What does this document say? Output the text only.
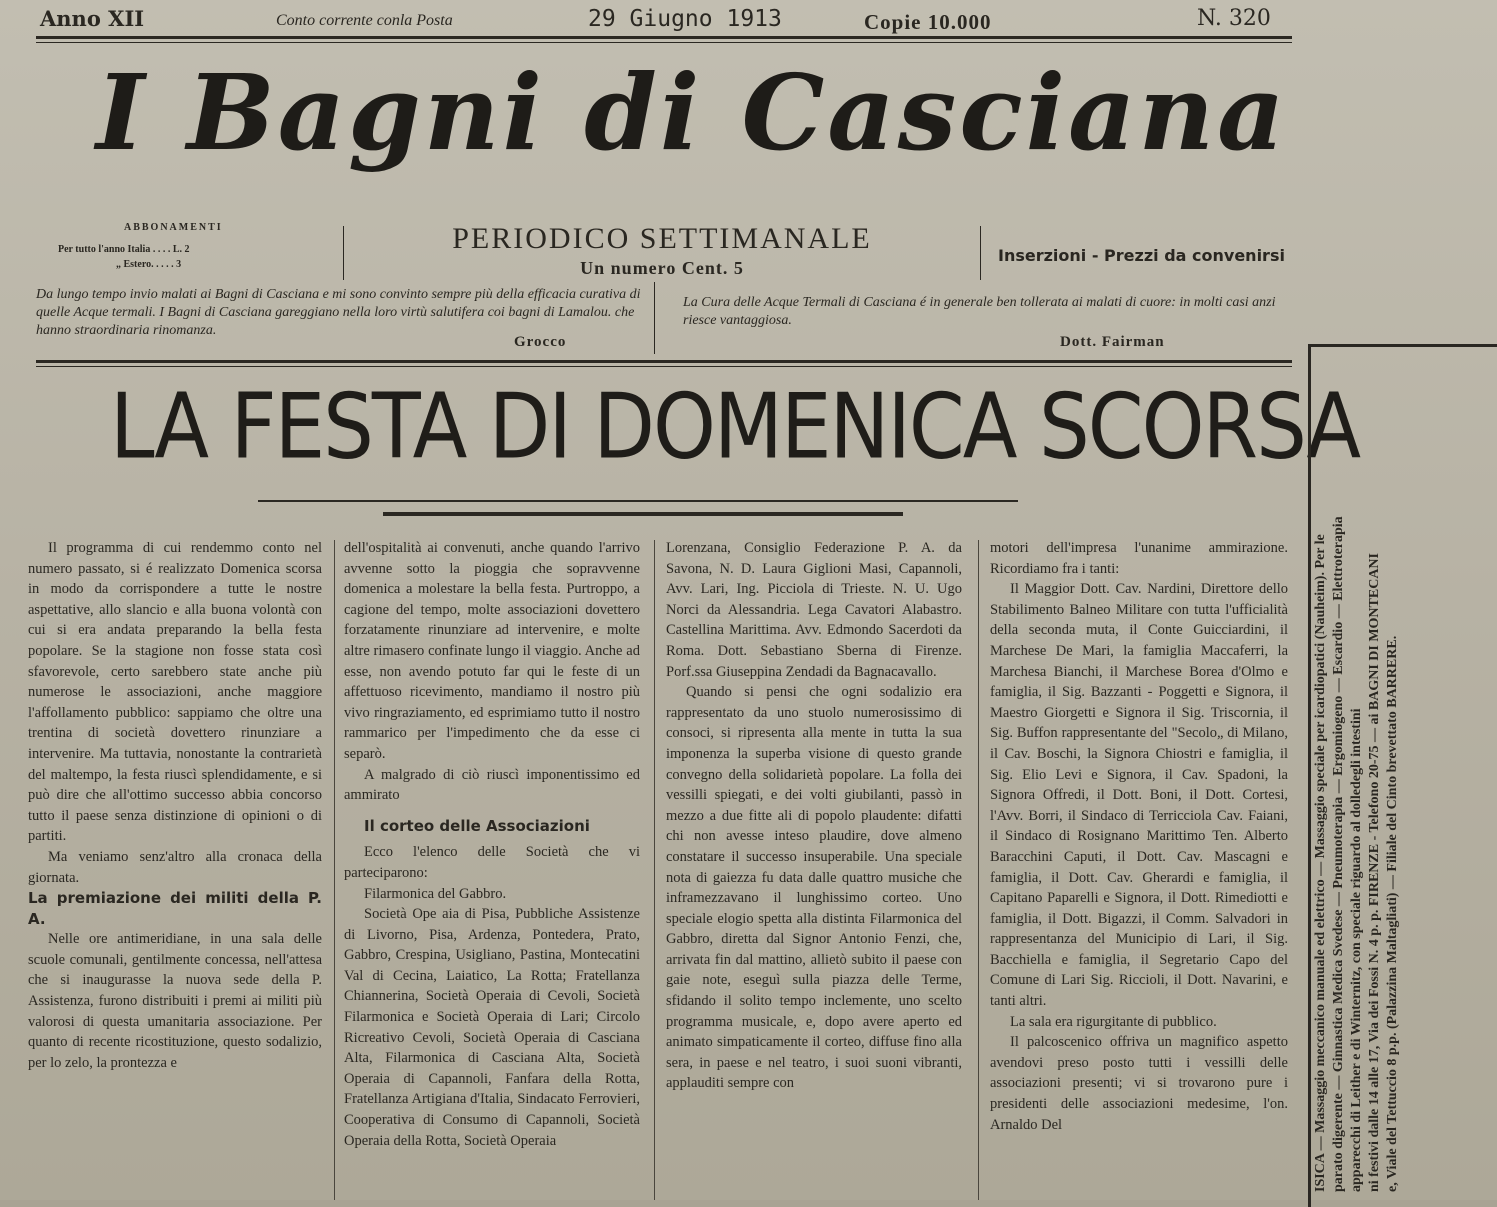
Anno XII	Conto corrente conla Posta	29 Giugno 1913	Copie 10.000	N. 320
I Bagni di Casciana
ABBONAMENTI
Per tutto l'anno Italia . . . . L. 2
„ Estero. . . . . 3
PERIODICO SETTIMANALE
Un numero Cent. 5
Inserzioni - Prezzi da convenirsi
Da lungo tempo invio malati ai Bagni di Casciana e mi sono convinto sempre più della efficacia curativa di quelle Acque termali. I Bagni di Casciana gareggiano nella loro virtù salutifera coi bagni di Lamalou. che hanno straordinaria rinomanza.
Grocco
La Cura delle Acque Termali di Casciana é in generale ben tollerata ai malati di cuore: in molti casi anzi riesce vantaggiosa.
Dott. Fairman
LA FESTA DI DOMENICA SCORSA

Il programma di cui rendemmo conto nel numero passato, si é realizzato Domenica scorsa in modo da corrispondere a tutte le nostre aspettative, allo slancio e alla buona volontà con cui si era andata preparando la bella festa popolare. Se la stagione non fosse stata così sfavorevole, certo sarebbero state anche più numerose le associazioni, anche maggiore l'affollamento pubblico: sappiamo che oltre una trentina di società dovettero rinunziare a intervenire. Ma tuttavia, nonostante la contrarietà del maltempo, la festa riuscì splendidamente, e si può dire che all'ottimo successo abbia concorso tutto il paese senza distinzione di opinioni o di partiti.

Ma veniamo senz'altro alla cronaca della giornata.

La premiazione dei militi della P. A.

Nelle ore antimeridiane, in una sala delle scuole comunali, gentilmente concessa, nell'attesa che si inaugurasse la nuova sede della P. Assistenza, furono distribuiti i premi ai militi più valorosi di questa umanitaria associazione. Per quanto di recente ricostituzione, questo sodalizio, per lo zelo, la prontezza e

dell'ospitalità ai convenuti, anche quando l'arrivo avvenne sotto la pioggia che sopravvenne domenica a molestare la bella festa. Purtroppo, a cagione del tempo, molte associazioni dovettero forzatamente rinunziare ad intervenire, e molte altre rimasero confinate lungo il viaggio. Anche ad esse, non avendo potuto far qui le feste di un affettuoso ricevimento, mandiamo il nostro più vivo ringraziamento, ed esprimiamo tutto il nostro rammarico per l'impedimento che da esse ci separò.

A malgrado di ciò riuscì imponentissimo ed ammirato

Il corteo delle Associazioni

Ecco l'elenco delle Società che vi parteciparono:

Filarmonica del Gabbro.

Società Ope aia di Pisa, Pubbliche Assistenze di Livorno, Pisa, Ardenza, Pontedera, Prato, Gabbro, Crespina, Usigliano, Pastina, Montecatini Val di Cecina, Laiatico, La Rotta; Fratellanza Chiannerina, Società Operaia di Cevoli, Società Filarmonica e Società Operaia di Lari; Circolo Ricreativo Cevoli, Società Operaia di Casciana Alta, Filarmonica di Casciana Alta, Società Operaia di Capannoli, Fanfara della Rotta, Fratellanza Artigiana d'Italia, Sindacato Ferrovieri, Cooperativa di Consumo di Capannoli, Società Operaia della Rotta, Società Operaia

Lorenzana, Consiglio Federazione P. A. da Savona, N. D. Laura Giglioni Masi, Capannoli, Avv. Lari, Ing. Picciola di Trieste. N. U. Ugo Norci da Alessandria. Lega Cavatori Alabastro. Castellina Marittima. Avv. Edmondo Sacerdoti da Roma. Dott. Sebastiano Sberna di Firenze. Porf.ssa Giuseppina Zendadi da Bagnacavallo.

Quando si pensi che ogni sodalizio era rappresentato da uno stuolo numerosissimo di consoci, si ripresenta alla mente in tutta la sua imponenza la superba visione di questo grande convegno della solidarietà popolare. La folla dei vessilli spiegati, e dei volti giubilanti, passò in mezzo a due fitte ali di popolo plaudente: difatti chi non avesse inteso plaudire, dove almeno constatare il successo insuperabile. Una speciale nota di gaiezza fu data dalle quattro musiche che inframezzavano il lunghissimo corteo. Uno speciale elogio spetta alla distinta Filarmonica del Gabbro, diretta dal Signor Antonio Fenzi, che, arrivata fin dal mattino, allietò subito il paese con gaie note, eseguì sulla piazza delle Terme, sfidando il solito tempo inclemente, uno scelto programma musicale, e, dopo avere aperto ed animato simpaticamente il corteo, diffuse fino alla sera, in paese e nel teatro, i suoi suoni vibranti, applauditi sempre con

motori dell'impresa l'unanime ammirazione. Ricordiamo fra i tanti:

Il Maggior Dott. Cav. Nardini, Direttore dello Stabilimento Balneo Militare con tutta l'ufficialità della seconda muta, il Conte Guicciardini, il Marchese De Mari, la famiglia Maccaferri, la Marchesa Bianchi, il Marchese Borea d'Olmo e famiglia, il Sig. Bazzanti - Poggetti e Signora, il Maestro Giorgetti e Signora il Sig. Triscornia, il Sig. Buffon rappresentante del "Secolo„ di Milano, il Cav. Boschi, la Signora Chiostri e famiglia, il Sig. Elio Levi e Signora, il Cav. Spadoni, la Signora Offredi, il Dott. Boni, il Dott. Cortesi, l'Avv. Borri, il Sindaco di Terricciola Cav. Faiani, il Sindaco di Rosignano Marittimo Ten. Alberto Baracchini Caputi, il Dott. Cav. Mascagni e famiglia, il Dott. Cav. Gherardi e famiglia, il Capitano Paparelli e Signora, il Dott. Rimediotti e famiglia, il Dott. Bigazzi, il Comm. Salvadori in rappresentanza del Municipio di Lari, il Sig. Bacchiella e famiglia, il Segretario Capo del Comune di Lari Sig. Riccioli, il Dott. Navarini, e tanti altri.

La sala era rigurgitante di pubblico.

Il palcoscenico offriva un magnifico aspetto avendovi preso posto tutti i vessilli delle associazioni presenti; vi si trovarono pure i presidenti delle associazioni medesime, l'on. Arnaldo Del	ISICA — Massaggio meccanico manuale ed elettrico — Massaggio speciale per icardiopatici (Nauheim). Per le parato digerente — Ginnastica Medica Svedese — Pneumoterapia — Ergomiogeno — Escardio — Elettroterapia apparecchi di Leither e di Winternitz, con speciale riguardo al dolledegli intestini ni festivi dalle 14 alle 17, Via dei Fossi N. 4 p. p. FIRENZE - Telefono 20-75 — ai BAGNI DI MONTECANI e, Viale del Tettuccio 8 p.p. (Palazzina Maltagliati) — Filiale del Cinto brevettato BARRERE.
